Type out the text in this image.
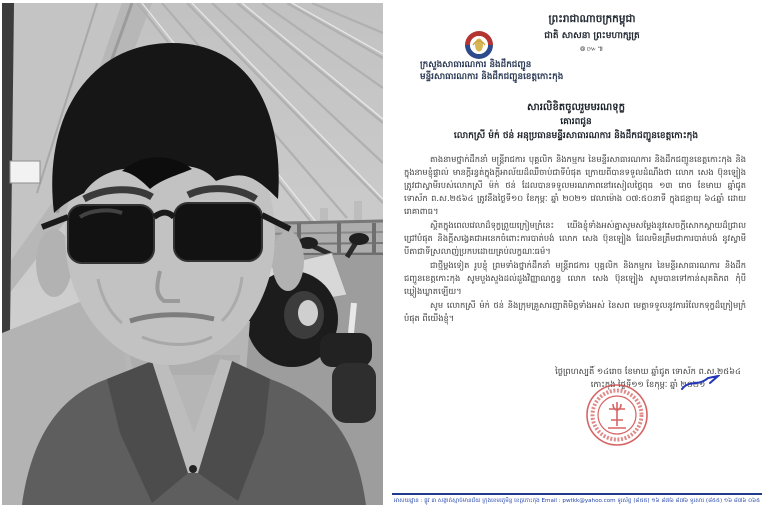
ព្រះរាជាណាចក្រកម្ពុជា
ជាតិ សាសនា ព្រះមហាក្សត្រ
៙៚៕
ក្រសួងសាធារណការ និងដឹកជញ្ជូន
មន្ទីរសាធារណការ និងដឹកជញ្ជូនខេត្តកោះកុង
សារលិខិតចូលរួមមរណទុក្ខ
គោរពជូន
លោកស្រី ម៉ក់ ថន់ អនុប្រធានមន្ទីរសាធារណការ និងដឹកជញ្ជូនខេត្តកោះកុង

តាងនាមថ្នាក់ដឹកនាំ មន្ត្រីរាជការ បុគ្គលិក និងកម្មករ នៃមន្ទីរសាធារណការ និងដឹកជញ្ជូនខេត្តកោះកុង និងក្នុងនាមខ្ញុំផ្ទាល់ មានក្តីរន្ធត់ក្នុងក្តីអាល័យដ៏ឈឺចាប់ជាទីបំផុត ក្រោយពីបានទទួលដំណឹងថា លោក សេង ប៊ុនឡៀង ត្រូវជាស្វាមីរបស់លោកស្រី ម៉ក់ ថន់ ដែលបានទទួលមរណភាពនៅរសៀលថ្ងៃពុធ ១៣ រោច ខែមាឃ ឆ្នាំជូត ទោស័ក ព.ស.២៥៦៤ ត្រូវនឹងថ្ងៃទី១០ ខែកុម្ភៈ ឆ្នាំ ២០២១ វេលាម៉ោង ០៧:៥០នាទី ក្នុងជន្មាយុ ៦៤ឆ្នាំ ដោយរោគាពាធ។

ស្ថិតក្នុងពេលវេលាដ៏ទុក្ខព្រួយក្រៀមក្រំនេះ យើងខ្ញុំទាំងអស់គ្នាសូមសម្តែងនូវសេចក្តីសោកស្តាយដ៏ជ្រាលជ្រៅបំផុត និងក្តីសង្វេគជាអនេកចំពោះការបាត់បង់ លោក សេង ប៊ុនឡៀង ដែលមិនត្រឹមជាការបាត់បង់ នូវស្វាមី បីតាជាទីស្រលាញ់ប្រកបដោយគ្រប់លក្ខណៈធម៌។

ជាថ្មីម្តងទៀត រូបខ្ញុំ ព្រមទាំងថ្នាក់ដឹកនាំ មន្ត្រីរាជការ បុគ្គលិក និងកម្មករ នៃមន្ទីរសាធារណការ និងដឹកជញ្ជូនខេត្តកោះកុង សូមបួងសួងដល់ដួងវិញ្ញាណក្ខន្ធ លោក សេង ប៊ុនឡៀង សូមបានទៅកាន់សុគតិភព កុំបីឃ្លៀងឃ្លាតឡើយ។

សូម លោកស្រី ម៉ក់ ថន់ និងក្រុមគ្រួសារញាតិមិត្តទាំងអស់ នៃសព មេត្តាទទួលនូវការរំលែកទុក្ខដ៏ក្រៀមក្រំបំផុត ពីយើងខ្ញុំ។

ថ្ងៃព្រហស្បតិ៍ ១៤រោច ខែមាឃ ឆ្នាំជូត ទោស័ក ព.ស.២៥៦៤
កោះកុង ថ្ងៃទី១១ ខែកុម្ភៈ ឆ្នាំ ២០២១
អាសយដ្ឋាន : ផ្លូវ ៣ សង្កាត់ស្មាច់មានជ័យ ក្រុងខេមរភូមិន្ទ ខេត្តកោះកុង Email : pwtkk@yahoo.com ទូរស័ព្ទ (៨៥៥) ១៦ ៨៧៦ ៨៧៦ ទូរសារ (៨៥៥) ១៦ ៨៧៦ ០៦៥
